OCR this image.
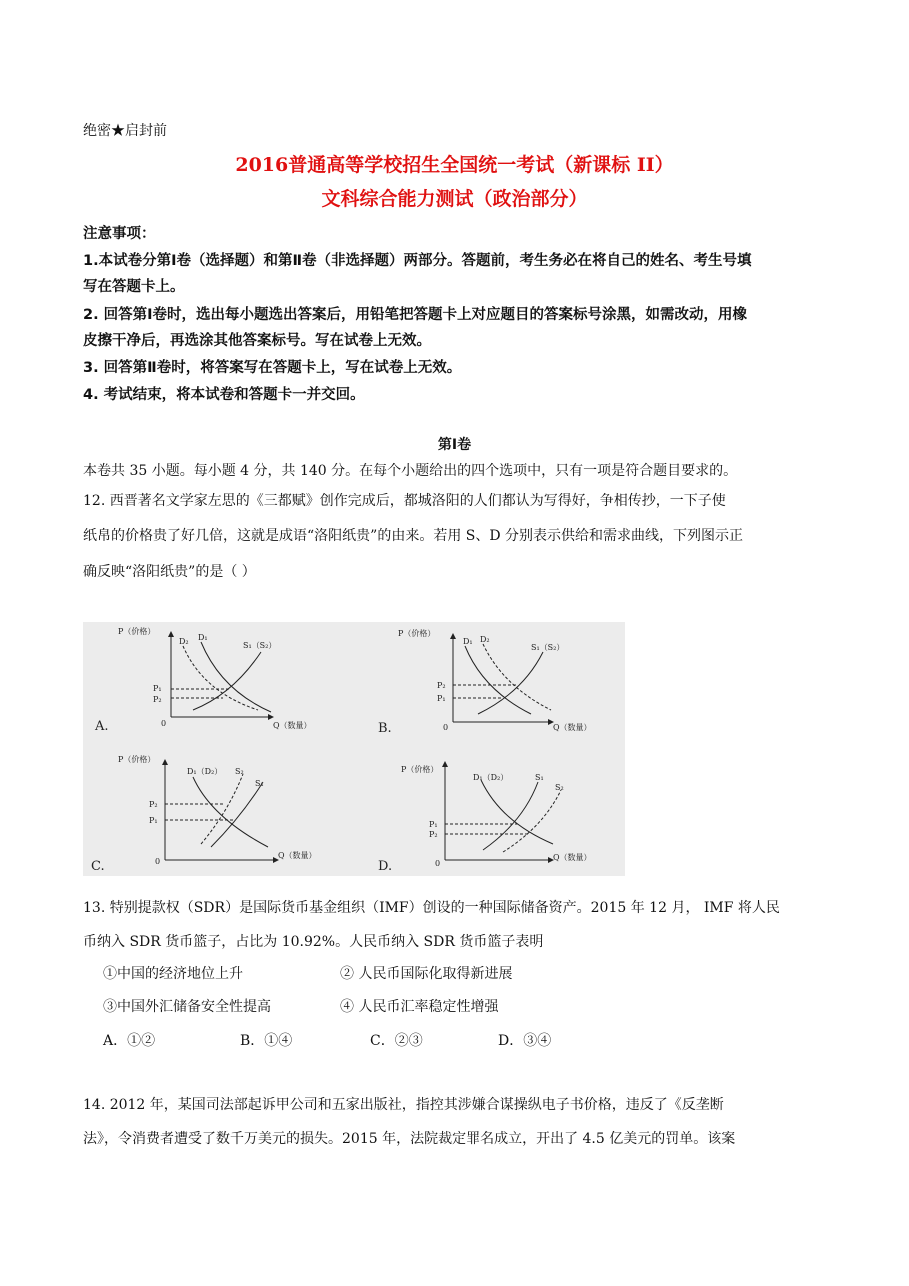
绝密★启封前
2016普通高等学校招生全国统一考试（新课标 II）
文科综合能力测试（政治部分）
注意事项：
1.本试卷分第Ⅰ卷（选择题）和第Ⅱ卷（非选择题）两部分。答题前，考生务必在将自己的姓名、考生号填
写在答题卡上。
2. 回答第Ⅰ卷时，选出每小题选出答案后，用铅笔把答题卡上对应题目的答案标号涂黑，如需改动，用橡
皮擦干净后，再选涂其他答案标号。写在试卷上无效。
3. 回答第Ⅱ卷时，将答案写在答题卡上，写在试卷上无效。
4. 考试结束，将本试卷和答题卡一并交回。
第Ⅰ卷
本卷共 35 小题。每小题 4 分，共 140 分。在每个小题给出的四个选项中，只有一项是符合题目要求的。
12. 西晋著名文学家左思的《三都赋》创作完成后，都城洛阳的人们都认为写得好，争相传抄，一下子使
纸帛的价格贵了好几倍，这就是成语“洛阳纸贵”的由来。若用 S、D 分别表示供给和需求曲线，下列图示正
确反映“洛阳纸贵”的是（ ）
P（价格）
Q（数量）
0
D₂ D₁
S₁（S₂）
P₁
P₂
A.
P（价格）
Q（数量）
0
D₁ D₂
S₁（S₂）
P₂
P₁
B.
P（价格）
Q（数量）
0
D₁（D₂） S₂
S₁
P₂
P₁
C.
P（价格）
Q（数量）
0
D₁（D₂）	S₁
S₂
P₁
P₂
D.
13. 特别提款权（SDR）是国际货币基金组织（IMF）创设的一种国际储备资产。2015 年 12 月， IMF 将人民
币纳入 SDR 货币篮子，占比为 10.92%。人民币纳入 SDR 货币篮子表明
①中国的经济地位上升	② 人民币国际化取得新进展
③中国外汇储备安全性提高	④ 人民币汇率稳定性增强
A．①②	B．①④	C．②③	D．③④
14. 2012 年，某国司法部起诉甲公司和五家出版社，指控其涉嫌合谋操纵电子书价格，违反了《反垄断
法》，令消费者遭受了数千万美元的损失。2015 年，法院裁定罪名成立，开出了 4.5 亿美元的罚单。该案
